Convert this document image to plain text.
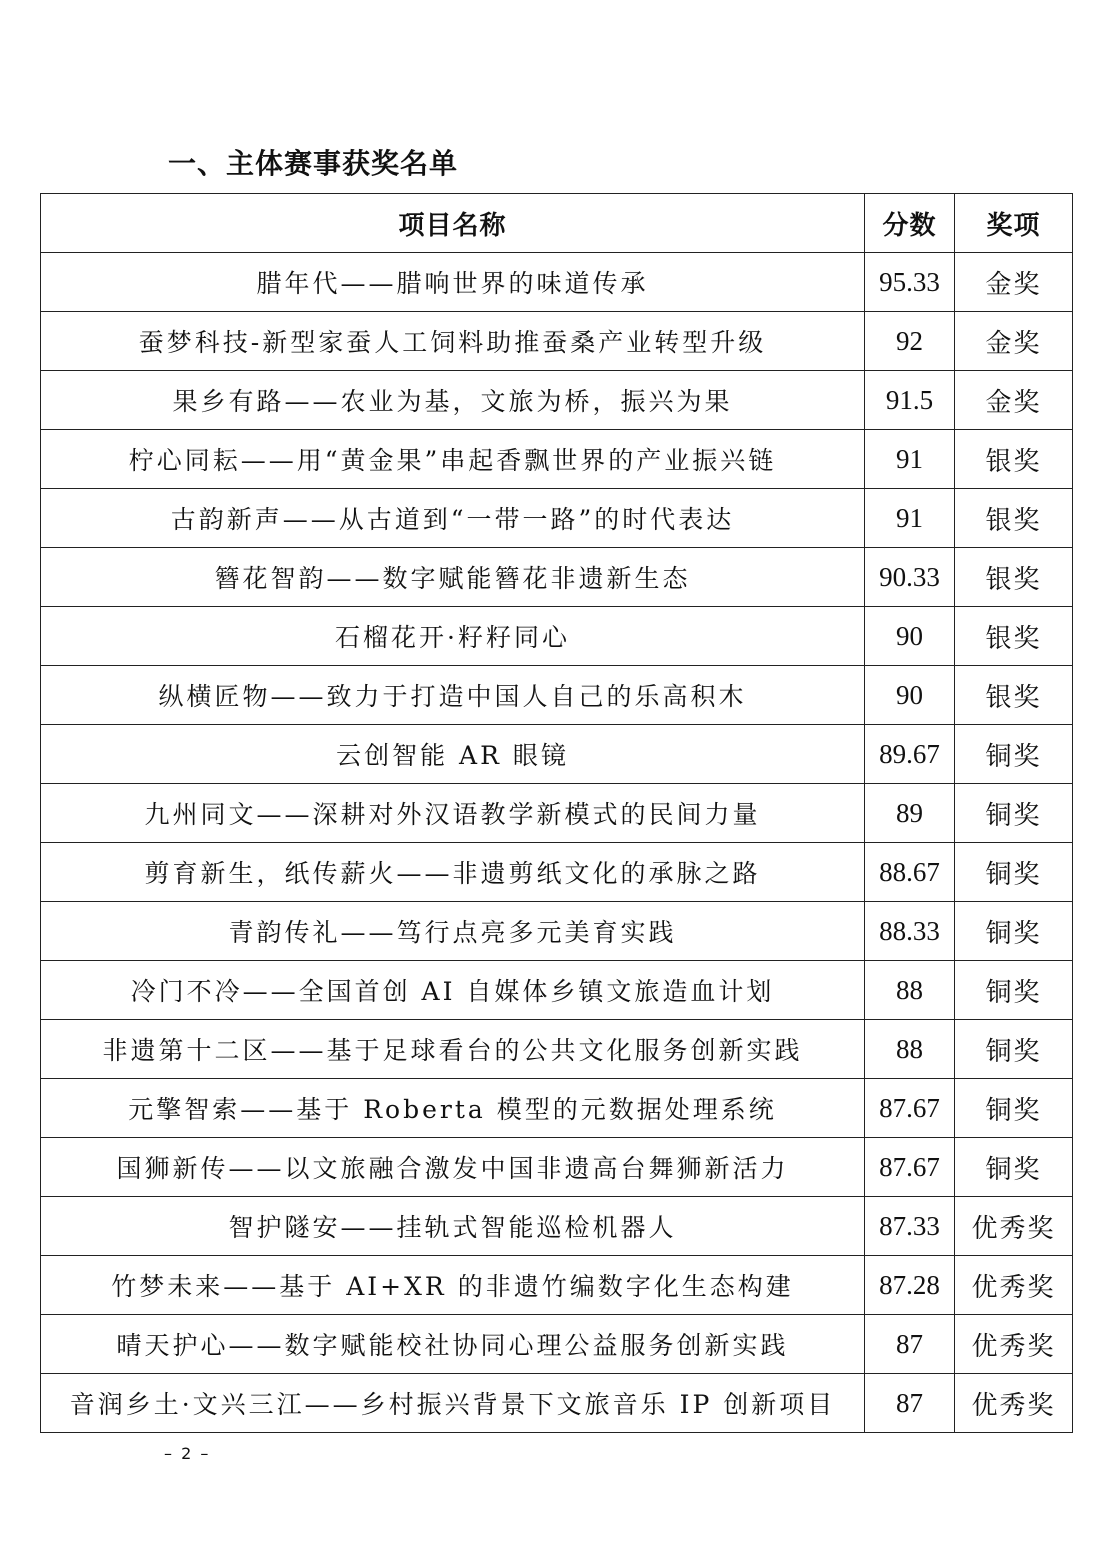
一、主体赛事获奖名单
项目名称	分数	奖项
腊年代——腊响世界的味道传承	95.33	金奖
蚕梦科技-新型家蚕人工饲料助推蚕桑产业转型升级	92	金奖
果乡有路——农业为基，文旅为桥，振兴为果	91.5	金奖
柠心同耘——用“黄金果”串起香飘世界的产业振兴链	91	银奖
古韵新声——从古道到“一带一路”的时代表达	91	银奖
簪花智韵——数字赋能簪花非遗新生态	90.33	银奖
石榴花开·籽籽同心	90	银奖
纵横匠物——致力于打造中国人自己的乐高积木	90	银奖
云创智能 AR 眼镜	89.67	铜奖
九州同文——深耕对外汉语教学新模式的民间力量	89	铜奖
剪育新生，纸传薪火——非遗剪纸文化的承脉之路	88.67	铜奖
青韵传礼——笃行点亮多元美育实践	88.33	铜奖
冷门不冷——全国首创 AI 自媒体乡镇文旅造血计划	88	铜奖
非遗第十二区——基于足球看台的公共文化服务创新实践	88	铜奖
元擎智索——基于 Roberta 模型的元数据处理系统	87.67	铜奖
国狮新传——以文旅融合激发中国非遗高台舞狮新活力	87.67	铜奖
智护隧安——挂轨式智能巡检机器人	87.33	优秀奖
竹梦未来——基于 AI+XR 的非遗竹编数字化生态构建	87.28	优秀奖
晴天护心——数字赋能校社协同心理公益服务创新实践	87	优秀奖
音润乡土·文兴三江——乡村振兴背景下文旅音乐 IP 创新项目	87	优秀奖
– 2 –
